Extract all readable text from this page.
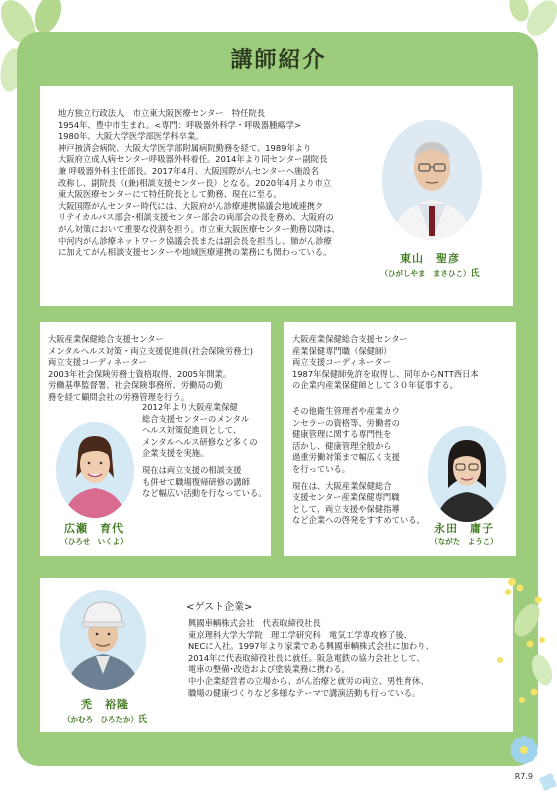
講師紹介
地方独立行政法人　市立東大阪医療センター　特任院長
1954年、豊中市生まれ。<専門：呼吸器外科学・呼吸器腫瘍学>
1980年、大阪大学医学部医学科卒業。
神戸掖済会病院、大阪大学医学部附属病院勤務を経て、1989年より
大阪府立成人病センター呼吸器外科着任。2014年より同センター副院長
兼 呼吸器外科主任部長。2017年4月、大阪国際がんセンターへ施設名
改称し、副院長（(兼)相談支援センター長）となる。2020年4月より市立
東大阪医療センターにて特任院長として勤務、現在に至る。
大阪国際がんセンター時代には、大阪府がん診療連携協議会地域連携ク
リテイカルパス部会･相談支援センター部会の両部会の長を務め、大阪府の
がん対策において重要な役割を担う。市立東大阪医療センター勤務以降は、
中河内がん診療ネットワーク協議会長または副会長を担当し、肺がん診療
に加えてがん相談支援センターや地域医療連携の業務にも関わっている。	東山　聖彦
（ひがしやま　まさひこ）氏
大阪産業保健総合支援センター
メンタルヘルス対策・両立支援促進員(社会保険労務士)
両立支援コーディネーター
2003年社会保険労務士資格取得、2005年開業。
労働基準監督署、社会保険事務所、労働局の勤
務を経て顧問会社の労務管理を行う。
2012年より大阪産業保健
総合支援センターのメンタル
ヘルス対策促進員として、
メンタルヘルス研修など多くの
企業支援を実施。
現在は両立支援の相談支援
も併せて職場復帰研修の講師
など幅広い活動を行なっている。
広瀬　育代
（ひろせ　いくよ）
大阪産業保健総合支援センター
産業保健専門職（保健師）
両立支援コーディネーター
1987年保健師免許を取得し、同年からNTT西日本
の企業内産業保健師として３０年従事する。
その他衛生管理者や産業カウ
ンセラーの資格等、労働者の
健康管理に関する専門性を
活かし、健康管理全般から
過重労働対策まで幅広く支援
を行っている。
現在は、大阪産業保健総合
支援センター産業保健専門職
として、両立支援や保健指導
など企業への啓発をすすめている。
永田　庸子
（ながた　ようこ）
<ゲスト企業>
興國車輌株式会社　代表取締役社長
東京理科大学大学院　理工学研究科　電気工学専攻修了後、
NECに入社。1997年より家業である興國車輌株式会社に加わり、
2014年に代表取締役社長に就任。阪急電鉄の協力会社として、
電車の整備･改造および塗装業務に携わる。
中小企業経営者の立場から、がん治療と就労の両立、男性育休、
職場の健康づくりなど多様なテーマで講演活動も行っている。
禿　裕隆
（かむろ　ひろたか）氏
R7.9
